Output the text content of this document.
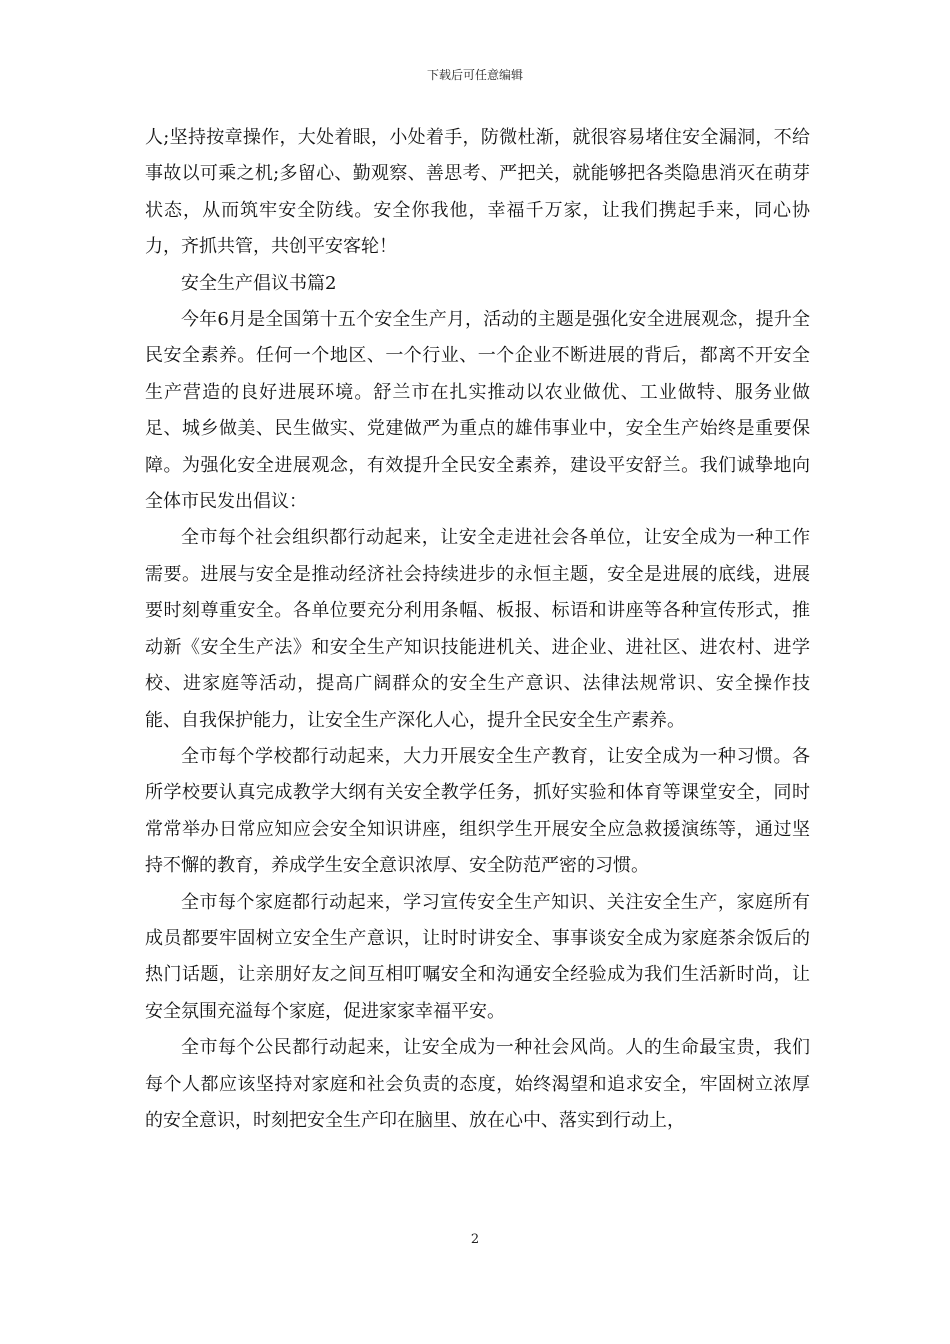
下载后可任意编辑

人;坚持按章操作，大处着眼，小处着手，防微杜渐，就很容易堵住安全漏洞，不给事故以可乘之机;多留心、勤观察、善思考、严把关，就能够把各类隐患消灭在萌芽状态，从而筑牢安全防线。安全你我他，幸福千万家，让我们携起手来，同心协力，齐抓共管，共创平安客轮！

安全生产倡议书篇2

今年6月是全国第十五个安全生产月，活动的主题是强化安全进展观念，提升全民安全素养。任何一个地区、一个行业、一个企业不断进展的背后，都离不开安全生产营造的良好进展环境。舒兰市在扎实推动以农业做优、工业做特、服务业做足、城乡做美、民生做实、党建做严为重点的雄伟事业中，安全生产始终是重要保障。为强化安全进展观念，有效提升全民安全素养，建设平安舒兰。我们诚挚地向全体市民发出倡议：

全市每个社会组织都行动起来，让安全走进社会各单位，让安全成为一种工作需要。进展与安全是推动经济社会持续进步的永恒主题，安全是进展的底线，进展要时刻尊重安全。各单位要充分利用条幅、板报、标语和讲座等各种宣传形式，推动新《安全生产法》和安全生产知识技能进机关、进企业、进社区、进农村、进学校、进家庭等活动，提高广阔群众的安全生产意识、法律法规常识、安全操作技能、自我保护能力，让安全生产深化人心，提升全民安全生产素养。

全市每个学校都行动起来，大力开展安全生产教育，让安全成为一种习惯。各所学校要认真完成教学大纲有关安全教学任务，抓好实验和体育等课堂安全，同时常常举办日常应知应会安全知识讲座，组织学生开展安全应急救援演练等，通过坚持不懈的教育，养成学生安全意识浓厚、安全防范严密的习惯。

全市每个家庭都行动起来，学习宣传安全生产知识、关注安全生产，家庭所有成员都要牢固树立安全生产意识，让时时讲安全、事事谈安全成为家庭茶余饭后的热门话题，让亲朋好友之间互相叮嘱安全和沟通安全经验成为我们生活新时尚，让安全氛围充溢每个家庭，促进家家幸福平安。

全市每个公民都行动起来，让安全成为一种社会风尚。人的生命最宝贵，我们每个人都应该坚持对家庭和社会负责的态度，始终渴望和追求安全，牢固树立浓厚的安全意识，时刻把安全生产印在脑里、放在心中、落实到行动上，

2
